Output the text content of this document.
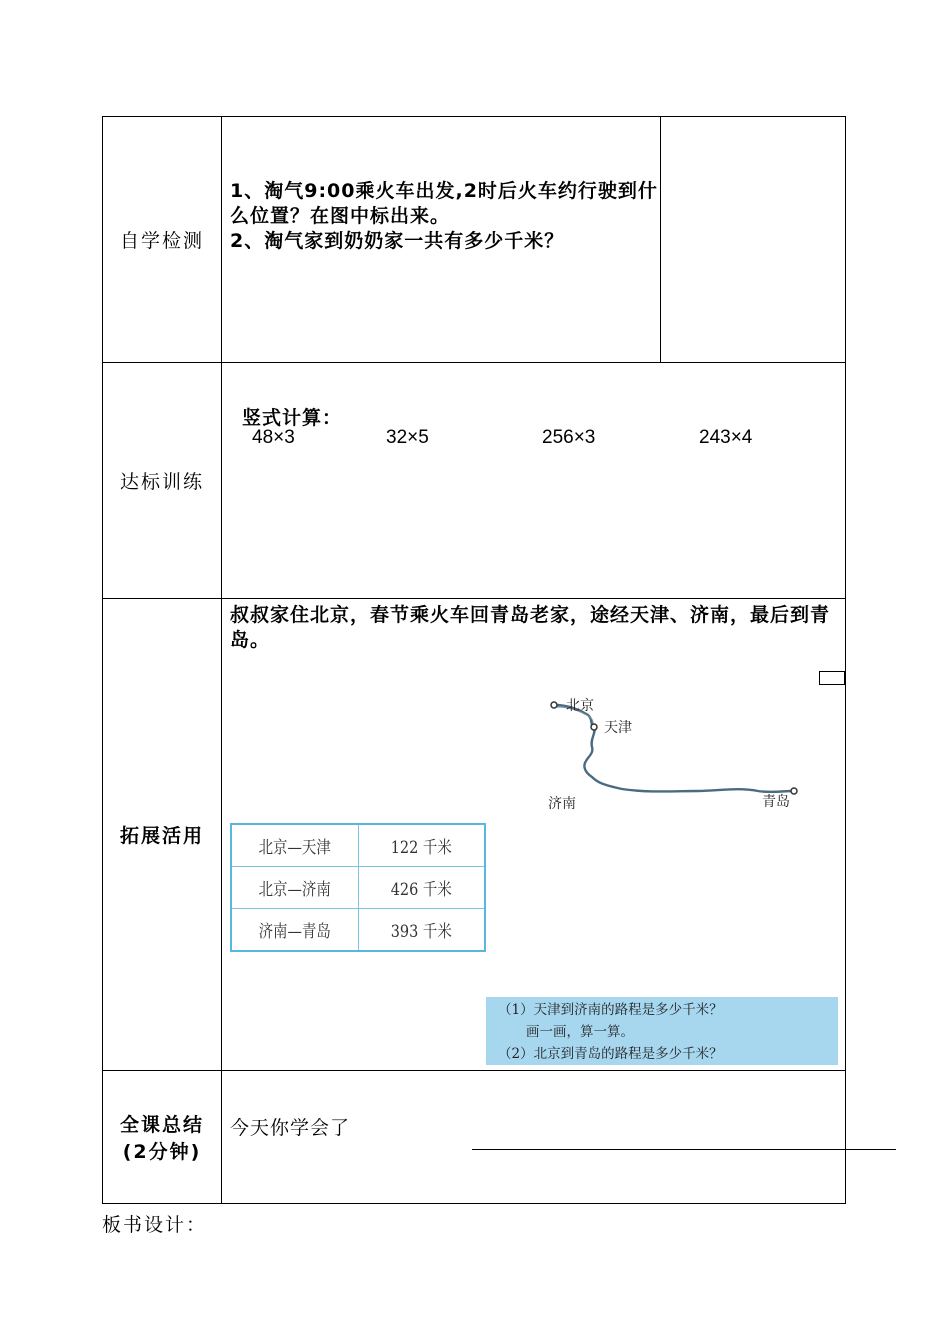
自学检测	
1、淘气9:00乘火车出发,2时后火车约行驶到什么位置？在图中标出来。
2、淘气家到奶奶家一共有多少千米？

达标训练	
竖式计算：
48×3	32×5	256×3	243×4

拓展活用	
叔叔家住北京，春节乘火车回青岛老家，途经天津、济南，最后到青岛。
北京
天津
济南	青岛
北京—天津	122 千米
北京—济南	426 千米
济南—青岛	393 千米
（1）天津到济南的路程是多少千米？
画一画，算一算。
（2）北京到青岛的路程是多少千米？

全课总结
(2分钟)

今天你学会了
板书设计：
